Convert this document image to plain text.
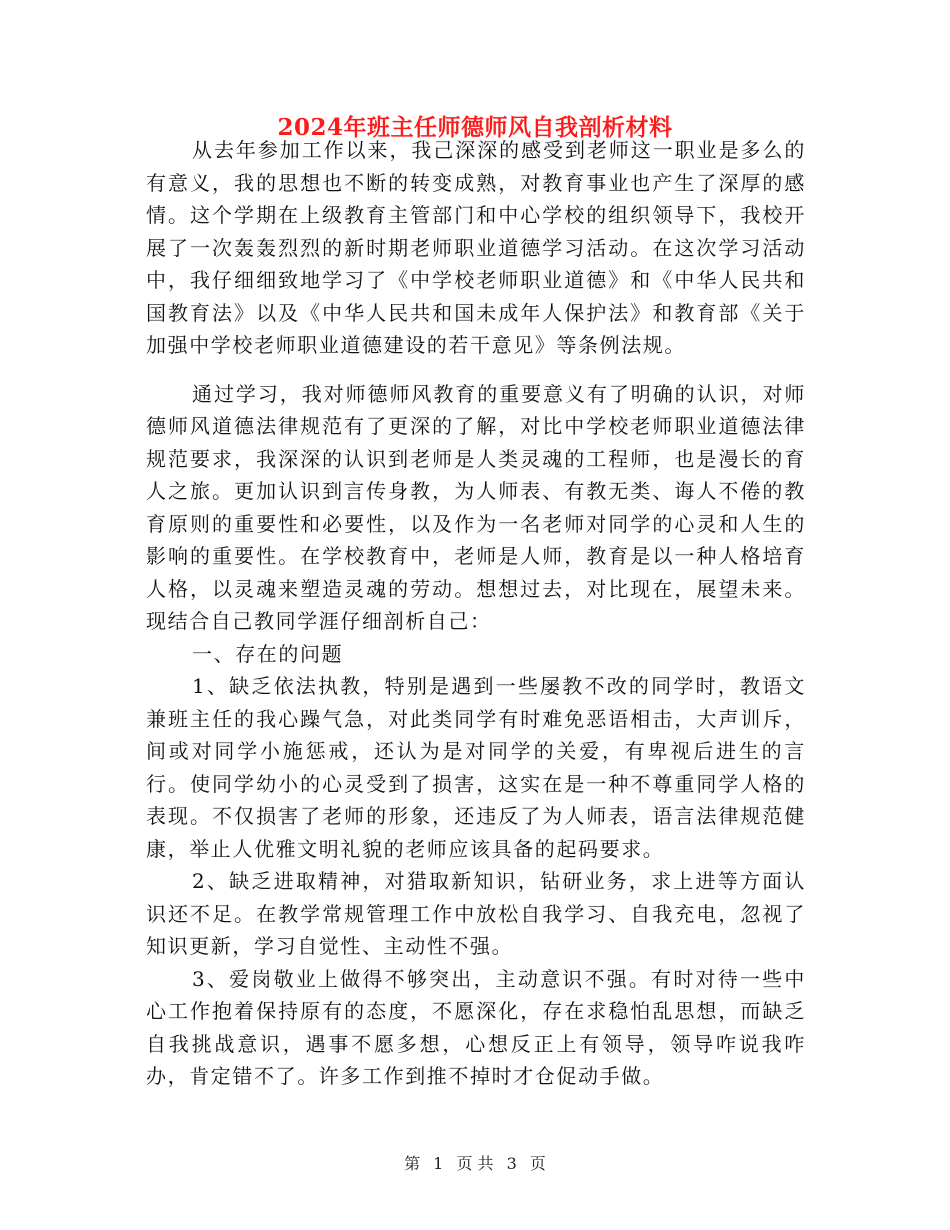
2024年班主任师德师风自我剖析材料

从去年参加工作以来，我己深深的感受到老师这一职业是多么的有意义，我的思想也不断的转变成熟，对教育事业也产生了深厚的感情。这个学期在上级教育主管部门和中心学校的组织领导下，我校开展了一次轰轰烈烈的新时期老师职业道德学习活动。在这次学习活动中，我仔细细致地学习了《中学校老师职业道德》和《中华人民共和国教育法》以及《中华人民共和国未成年人保护法》和教育部《关于加强中学校老师职业道德建设的若干意见》等条例法规。

通过学习，我对师德师风教育的重要意义有了明确的认识，对师德师风道德法律规范有了更深的了解，对比中学校老师职业道德法律规范要求，我深深的认识到老师是人类灵魂的工程师，也是漫长的育人之旅。更加认识到言传身教，为人师表、有教无类、诲人不倦的教育原则的重要性和必要性，以及作为一名老师对同学的心灵和人生的影响的重要性。在学校教育中，老师是人师，教育是以一种人格培育人格，以灵魂来塑造灵魂的劳动。想想过去，对比现在，展望未来。现结合自己教同学涯仔细剖析自己：

一、存在的问题

1、缺乏依法执教，特别是遇到一些屡教不改的同学时，教语文兼班主任的我心躁气急，对此类同学有时难免恶语相击，大声训斥，间或对同学小施惩戒，还认为是对同学的关爱，有卑视后进生的言行。使同学幼小的心灵受到了损害，这实在是一种不尊重同学人格的表现。不仅损害了老师的形象，还违反了为人师表，语言法律规范健康，举止人优雅文明礼貌的老师应该具备的起码要求。

2、缺乏进取精神，对猎取新知识，钻研业务，求上进等方面认识还不足。在教学常规管理工作中放松自我学习、自我充电，忽视了知识更新，学习自觉性、主动性不强。

3、爱岗敬业上做得不够突出，主动意识不强。有时对待一些中心工作抱着保持原有的态度，不愿深化，存在求稳怕乱思想，而缺乏自我挑战意识，遇事不愿多想，心想反正上有领导，领导咋说我咋办，肯定错不了。许多工作到推不掉时才仓促动手做。

第 1 页 共 3 页
